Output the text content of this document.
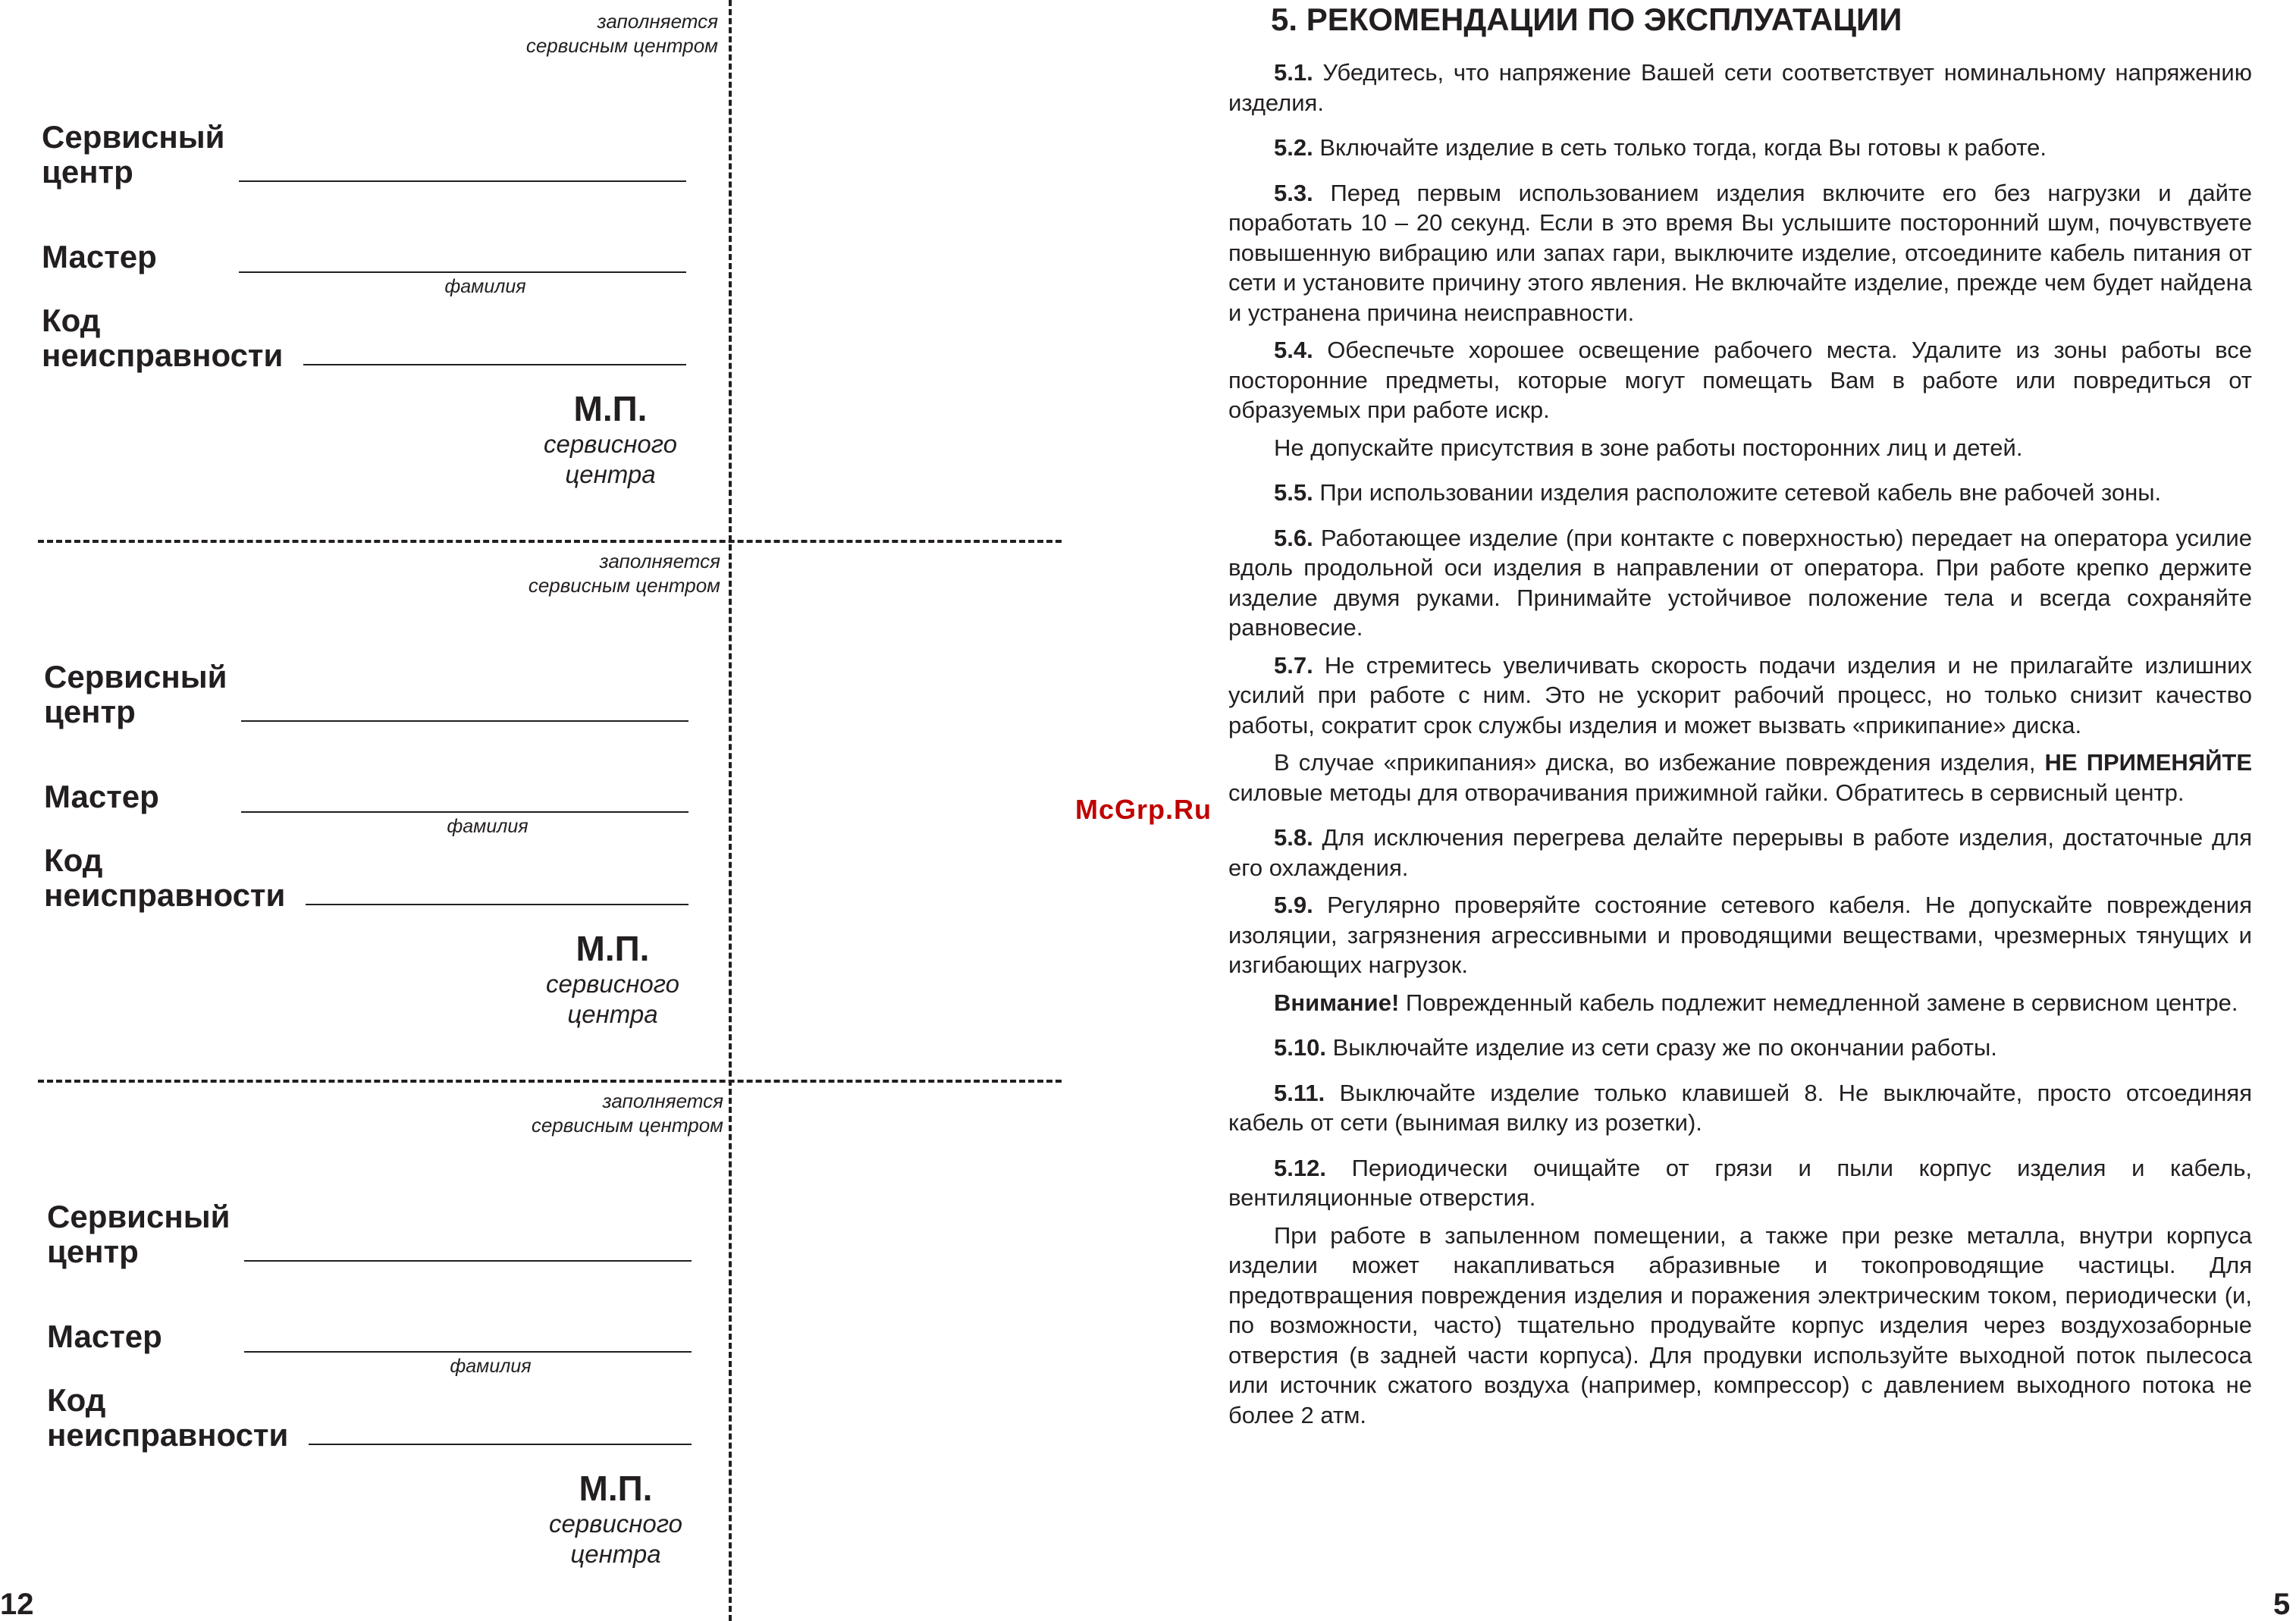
заполняется
сервисным центром
Сервисный
центр
Мастер
фамилия
Код
неисправности
М.П.
сервисного
центра
заполняется
сервисным центром
Сервисный
центр
Мастер
фамилия
Код
неисправности
М.П.
сервисного
центра
заполняется
сервисным центром
Сервисный
центр
Мастер
фамилия
Код
неисправности
М.П.
сервисного
центра
12
McGrp.Ru
5. РЕКОМЕНДАЦИИ ПО ЭКСПЛУАТАЦИИ

5.1. Убедитесь, что напряжение Вашей сети соответствует номинальному напряжению изделия.

5.2. Включайте изделие в сеть только тогда, когда Вы готовы к работе.

5.3. Перед первым использованием изделия включите его без нагрузки и дайте поработать 10 – 20 секунд. Если в это время Вы услышите посторонний шум, почувствуете повышенную вибрацию или запах гари, выключите изделие, отсоедините кабель питания от сети и установите причину этого явления. Не включайте изделие, прежде чем будет найдена и устранена причина неисправности.

5.4. Обеспечьте хорошее освещение рабочего места. Удалите из зоны работы все посторонние предметы, которые могут помещать Вам в работе или повредиться от образуемых при работе искр.

Не допускайте присутствия в зоне работы посторонних лиц и детей.

5.5. При использовании изделия расположите сетевой кабель вне рабочей зоны.

5.6. Работающее изделие (при контакте с поверхностью) передает на оператора усилие вдоль продольной оси изделия в направлении от оператора. При работе крепко держите изделие двумя руками. Принимайте устойчивое положение тела и всегда сохраняйте равновесие.

5.7. Не стремитесь увеличивать скорость подачи изделия и не прилагайте излишних усилий при работе с ним. Это не ускорит рабочий процесс, но только снизит качество работы, сократит срок службы изделия и может вызвать «прикипание» диска.

В случае «прикипания» диска, во избежание повреждения изделия, НЕ ПРИМЕНЯЙТЕ силовые методы для отворачивания прижимной гайки. Обратитесь в сервисный центр.

5.8. Для исключения перегрева делайте перерывы в работе изделия, достаточные для его охлаждения.

5.9. Регулярно проверяйте состояние сетевого кабеля. Не допускайте повреждения изоляции, загрязнения агрессивными и проводящими веществами, чрезмерных тянущих и изгибающих нагрузок.

Внимание! Поврежденный кабель подлежит немедленной замене в сервисном центре.

5.10. Выключайте изделие из сети сразу же по окончании работы.

5.11. Выключайте изделие только клавишей 8. Не выключайте, просто отсоединяя кабель от сети (вынимая вилку из розетки).

5.12. Периодически очищайте от грязи и пыли корпус изделия и кабель, вентиляционные отверстия.

При работе в запыленном помещении, а также при резке металла, внутри корпуса изделии может накапливаться абразивные и токопроводящие частицы. Для предотвращения повреждения изделия и поражения электрическим током, периодически (и, по возможности, часто) тщательно продувайте корпус изделия через воздухозаборные отверстия (в задней части корпуса). Для продувки используйте выходной поток пылесоса или источник сжатого воздуха (например, компрессор) с давлением выходного потока не более 2 атм.

5
